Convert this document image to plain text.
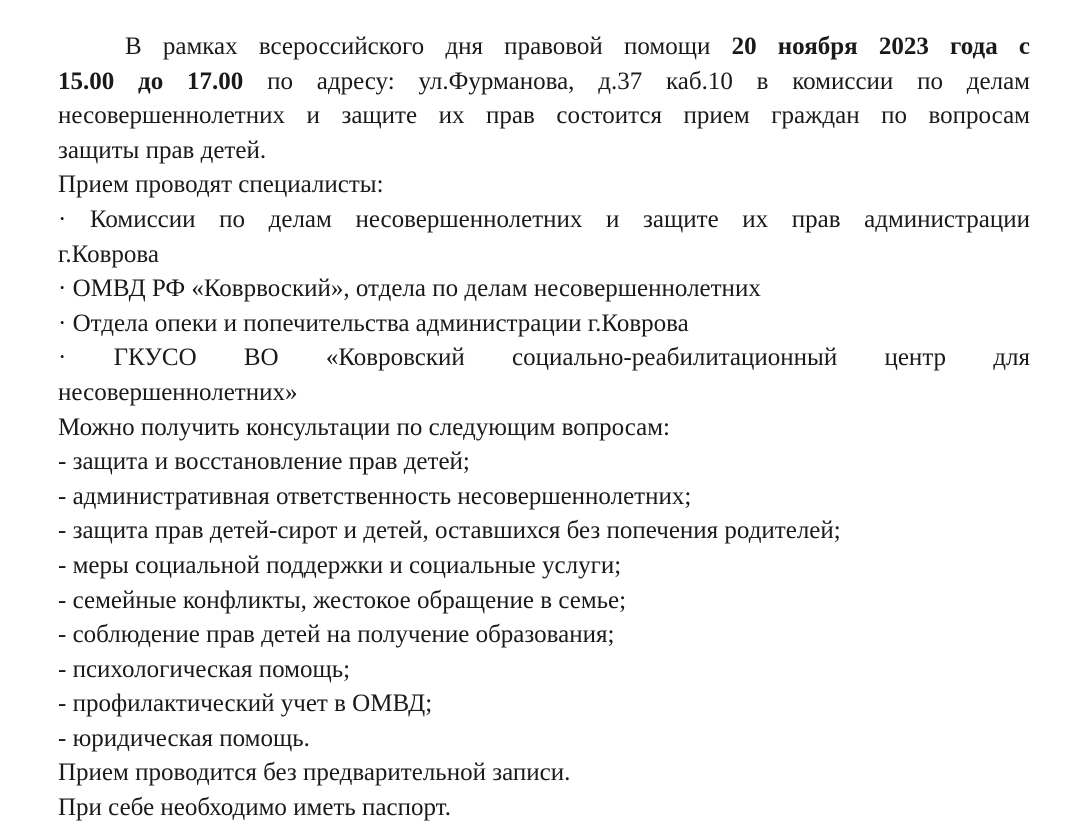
В рамках всероссийского дня правовой помощи 20 ноября 2023 года с
15.00 до 17.00 по адресу: ул.Фурманова, д.37 каб.10 в комиссии по делам
несовершеннолетних и защите их прав состоится прием граждан по вопросам
защиты прав детей.
Прием проводят специалисты:
· Комиссии по делам несовершеннолетних и защите их прав администрации
г.Коврова
· ОМВД РФ «Коврвоский», отдела по делам несовершеннолетних
· Отдела опеки и попечительства администрации г.Коврова
· ГКУСО ВО «Ковровский социально-реабилитационный центр для
несовершеннолетних»
Можно получить консультации по следующим вопросам:
- защита и восстановление прав детей;
- административная ответственность несовершеннолетних;
- защита прав детей-сирот и детей, оставшихся без попечения родителей;
- меры социальной поддержки и социальные услуги;
- семейные конфликты, жестокое обращение в семье;
- соблюдение прав детей на получение образования;
- психологическая помощь;
- профилактический учет в ОМВД;
- юридическая помощь.
Прием проводится без предварительной записи.
При себе необходимо иметь паспорт.
